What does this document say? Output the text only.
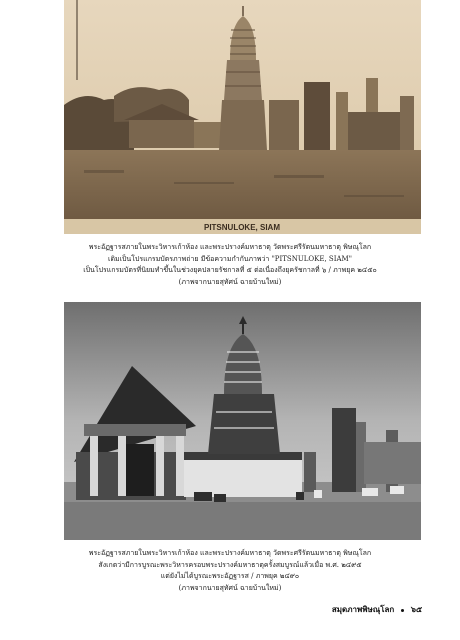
PITSNULOKE, SIAM
พระอัฏฐารสภายในพระวิหารเก้าห้อง และพระปรางค์มหาธาตุ วัดพระศรีรัตนมหาธาตุ พิษณุโลก
เดิมเป็นโปรแกรมบัตรภาพถ่าย มีข้อความกำกับภาพว่า "PITSNULOKE, SIAM"
เป็นโปรแกรมบัตรที่นิยมทำขึ้นในช่วงยุคปลายรัชกาลที่ ๕ ต่อเนื่องถึงยุครัชกาลที่ ๖ / ภาพยุค ๒๔๕๐
(ภาพจากนายสุทัศน์ ฉายบ้านใหม่)
พระอัฏฐารสภายในพระวิหารเก้าห้อง และพระปรางค์มหาธาตุ วัดพระศรีรัตนมหาธาตุ พิษณุโลก
สังเกตว่ามีการบูรณะพระวิหารครอบพระปรางค์มหาธาตุครั้งสมบูรณ์แล้วเมื่อ พ.ศ. ๒๔๙๕
แต่ยังไม่ได้บูรณะพระอัฏฐารส / ภาพยุค ๒๔๙๐
(ภาพจากนายสุทัศน์ ฉายบ้านใหม่)
สมุดภาพพิษณุโลก ๖๕
